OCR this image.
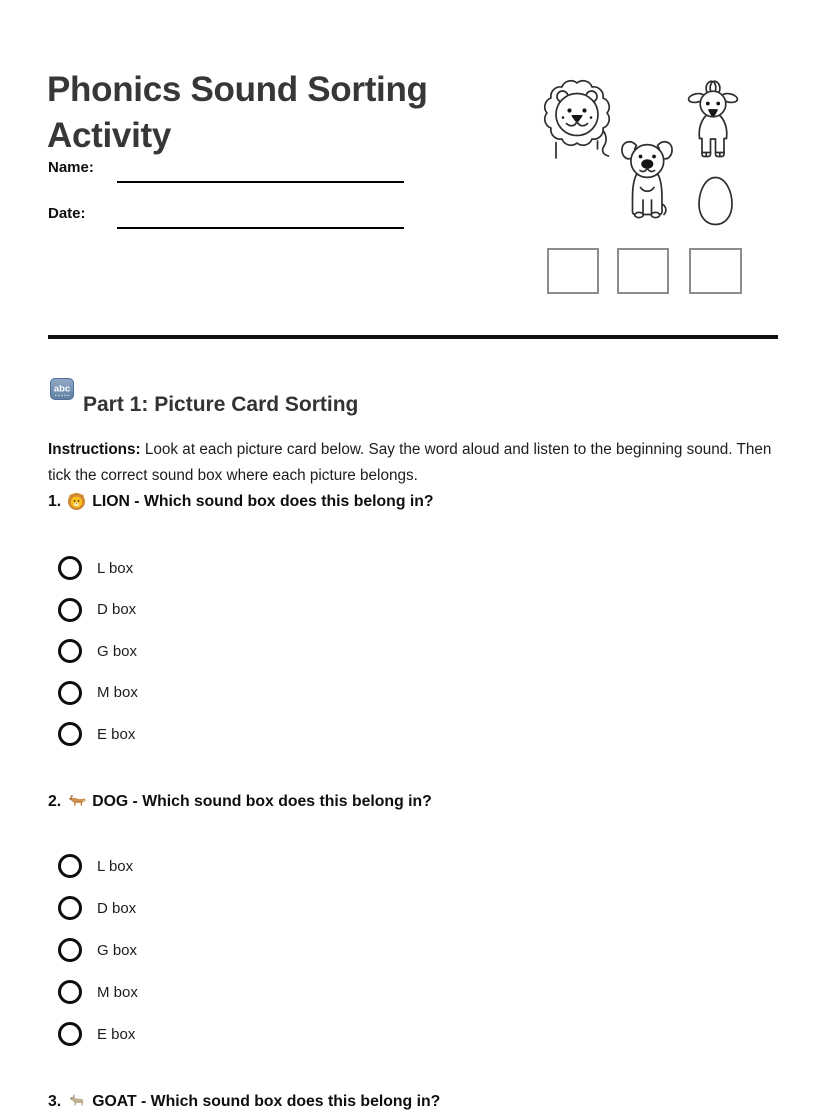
Phonics Sound Sorting Activity
Name:
Date:
abc
Part 1: Picture Card Sorting

Instructions: Look at each picture card below. Say the word aloud and listen to the beginning sound. Then tick the correct sound box where each picture belongs.

1. LION - Which sound box does this belong in?
L box
D box
G box
M box
E box
2. DOG - Which sound box does this belong in?
L box
D box
G box
M box
E box
3. GOAT - Which sound box does this belong in?
